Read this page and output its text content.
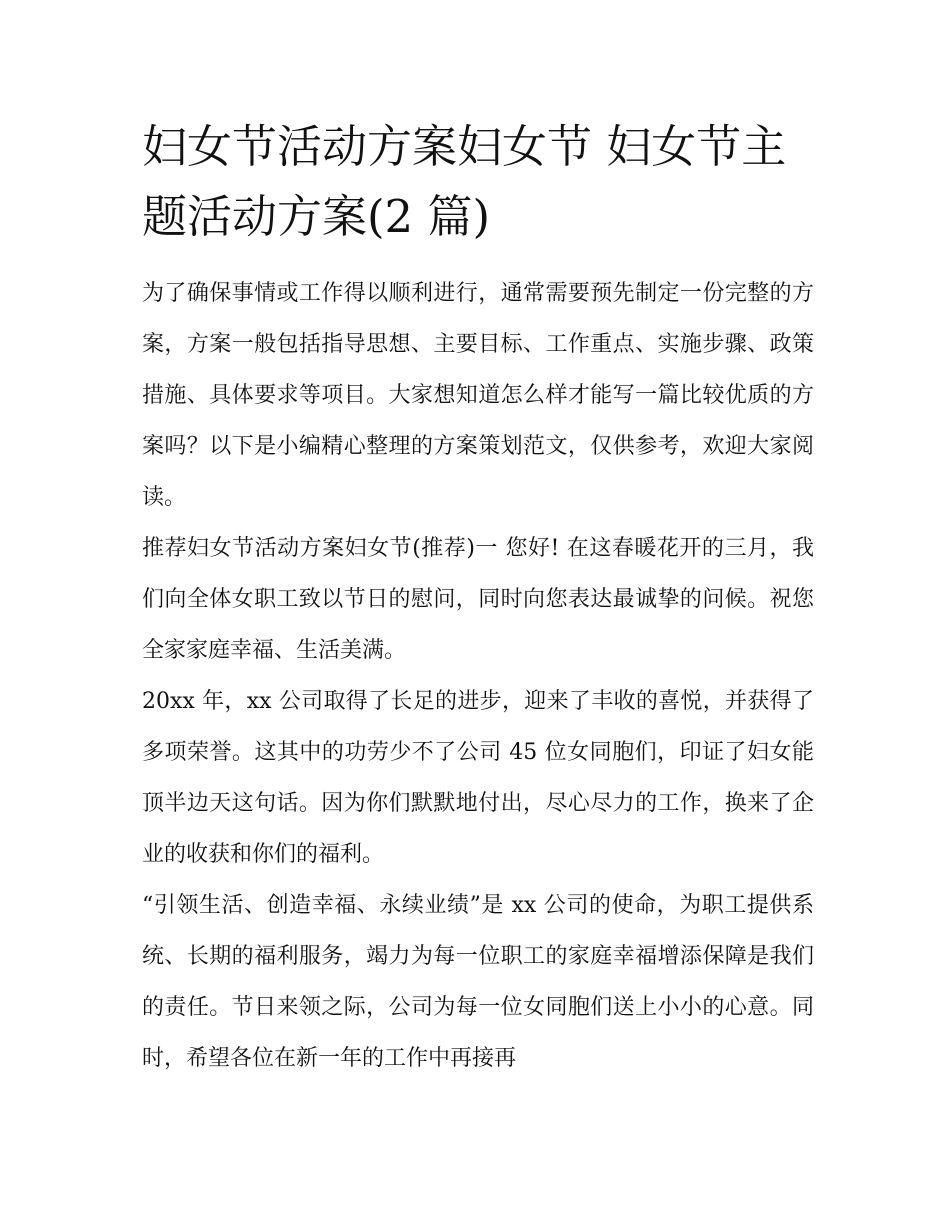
妇女节活动方案妇女节 妇女节主题活动方案(2 篇)

为了确保事情或工作得以顺利进行，通常需要预先制定一份完整的方案，方案一般包括指导思想、主要目标、工作重点、实施步骤、政策措施、具体要求等项目。大家想知道怎么样才能写一篇比较优质的方案吗？以下是小编精心整理的方案策划范文，仅供参考，欢迎大家阅读。

推荐妇女节活动方案妇女节(推荐)一 您好! 在这春暖花开的三月，我们向全体女职工致以节日的慰问，同时向您表达最诚挚的问候。祝您全家家庭幸福、生活美满。

20xx 年，xx 公司取得了长足的进步，迎来了丰收的喜悦，并获得了多项荣誉。这其中的功劳少不了公司 45 位女同胞们，印证了妇女能顶半边天这句话。因为你们默默地付出，尽心尽力的工作，换来了企业的收获和你们的福利。

“引领生活、创造幸福、永续业绩”是 xx 公司的使命，为职工提供系统、长期的福利服务，竭力为每一位职工的家庭幸福增添保障是我们的责任。节日来领之际，公司为每一位女同胞们送上小小的心意。同时，希望各位在新一年的工作中再接再
